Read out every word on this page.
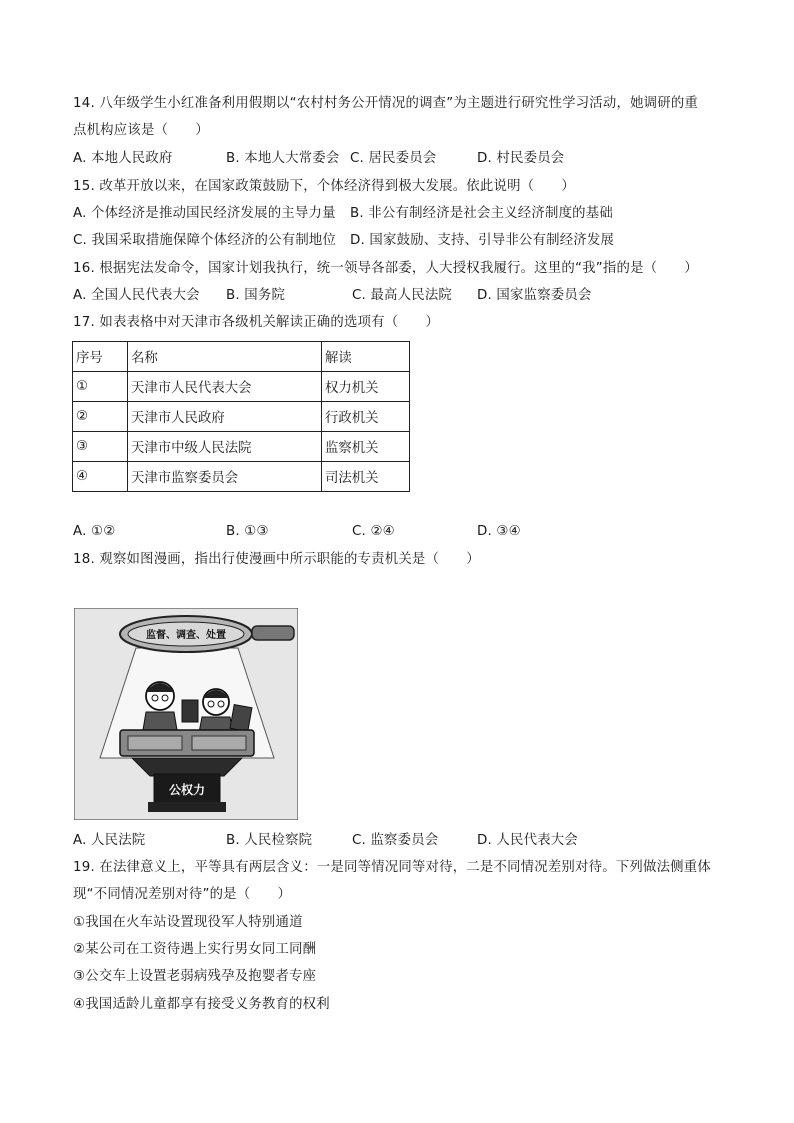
14. 八年级学生小红准备利用假期以“农村村务公开情况的调查”为主题进行研究性学习活动，她调研的重
点机构应该是（　　）
A. 本地人民政府	B. 本地人大常委会 C. 居民委员会	D. 村民委员会
15. 改革开放以来，在国家政策鼓励下，个体经济得到极大发展。依此说明（　　）
A. 个体经济是推动国民经济发展的主导力量 B. 非公有制经济是社会主义经济制度的基础
C. 我国采取措施保障个体经济的公有制地位 D. 国家鼓励、支持、引导非公有制经济发展
16. 根据宪法发命令，国家计划我执行，统一领导各部委，人大授权我履行。这里的“我”指的是（　　）
A. 全国人民代表大会 B. 国务院	C. 最高人民法院 D. 国家监察委员会
17. 如表表格中对天津市各级机关解读正确的选项有（　　）
序号	名称	解读
①	天津市人民代表大会	权力机关
②	天津市人民政府	行政机关
③	天津市中级人民法院	监察机关
④	天津市监察委员会	司法机关
A. ①②	B. ①③	C. ②④	D. ③④
18. 观察如图漫画，指出行使漫画中所示职能的专责机关是（　　）
监督、调查、处置
公权力
A. 人民法院	B. 人民检察院	C. 监察委员会	D. 人民代表大会
19. 在法律意义上，平等具有两层含义：一是同等情况同等对待，二是不同情况差别对待。下列做法侧重体
现“不同情况差别对待”的是（　　）
①我国在火车站设置现役军人特别通道
②某公司在工资待遇上实行男女同工同酬
③公交车上设置老弱病残孕及抱婴者专座
④我国适龄儿童都享有接受义务教育的权利
